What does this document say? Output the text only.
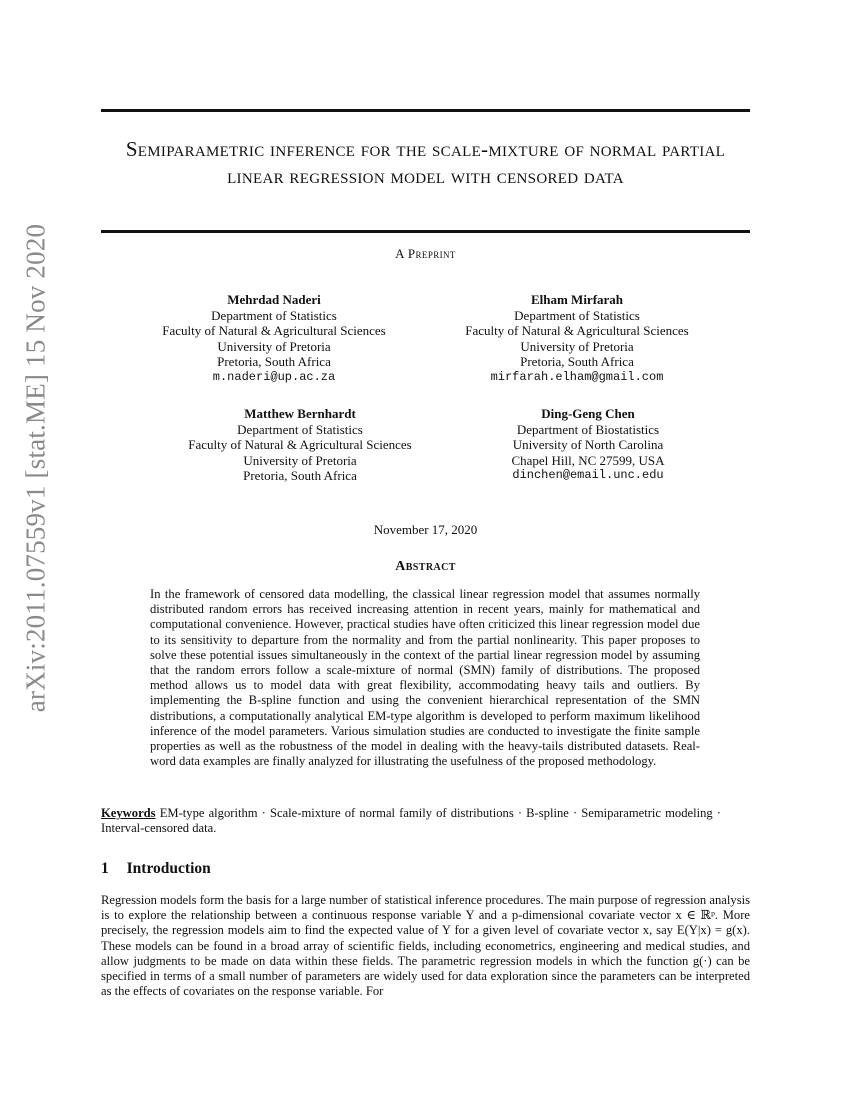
arXiv:2011.07559v1 [stat.ME] 15 Nov 2020
Semiparametric inference for the scale-mixture of normal partial linear regression model with censored data
A Preprint
Mehrdad Naderi
Department of Statistics
Faculty of Natural & Agricultural Sciences
University of Pretoria
Pretoria, South Africa
m.naderi@up.ac.za
Elham Mirfarah
Department of Statistics
Faculty of Natural & Agricultural Sciences
University of Pretoria
Pretoria, South Africa
mirfarah.elham@gmail.com
Matthew Bernhardt
Department of Statistics
Faculty of Natural & Agricultural Sciences
University of Pretoria
Pretoria, South Africa
Ding-Geng Chen
Department of Biostatistics
University of North Carolina
Chapel Hill, NC 27599, USA
dinchen@email.unc.edu
November 17, 2020
Abstract
In the framework of censored data modelling, the classical linear regression model that assumes normally distributed random errors has received increasing attention in recent years, mainly for mathematical and computational convenience. However, practical studies have often criticized this linear regression model due to its sensitivity to departure from the normality and from the partial nonlinearity. This paper proposes to solve these potential issues simultaneously in the context of the partial linear regression model by assuming that the random errors follow a scale-mixture of normal (SMN) family of distributions. The proposed method allows us to model data with great flexibility, accommodating heavy tails and outliers. By implementing the B-spline function and using the convenient hierarchical representation of the SMN distributions, a computationally analytical EM-type algorithm is developed to perform maximum likelihood inference of the model parameters. Various simulation studies are conducted to investigate the finite sample properties as well as the robustness of the model in dealing with the heavy-tails distributed datasets. Real-word data examples are finally analyzed for illustrating the usefulness of the proposed methodology.
Keywords EM-type algorithm · Scale-mixture of normal family of distributions · B-spline · Semiparametric modeling · Interval-censored data.
1 Introduction
Regression models form the basis for a large number of statistical inference procedures. The main purpose of regression analysis is to explore the relationship between a continuous response variable Y and a p-dimensional covariate vector x ∈ ℝᵖ. More precisely, the regression models aim to find the expected value of Y for a given level of covariate vector x, say E(Y|x) = g(x). These models can be found in a broad array of scientific fields, including econometrics, engineering and medical studies, and allow judgments to be made on data within these fields. The parametric regression models in which the function g(·) can be specified in terms of a small number of parameters are widely used for data exploration since the parameters can be interpreted as the effects of covariates on the response variable. For
